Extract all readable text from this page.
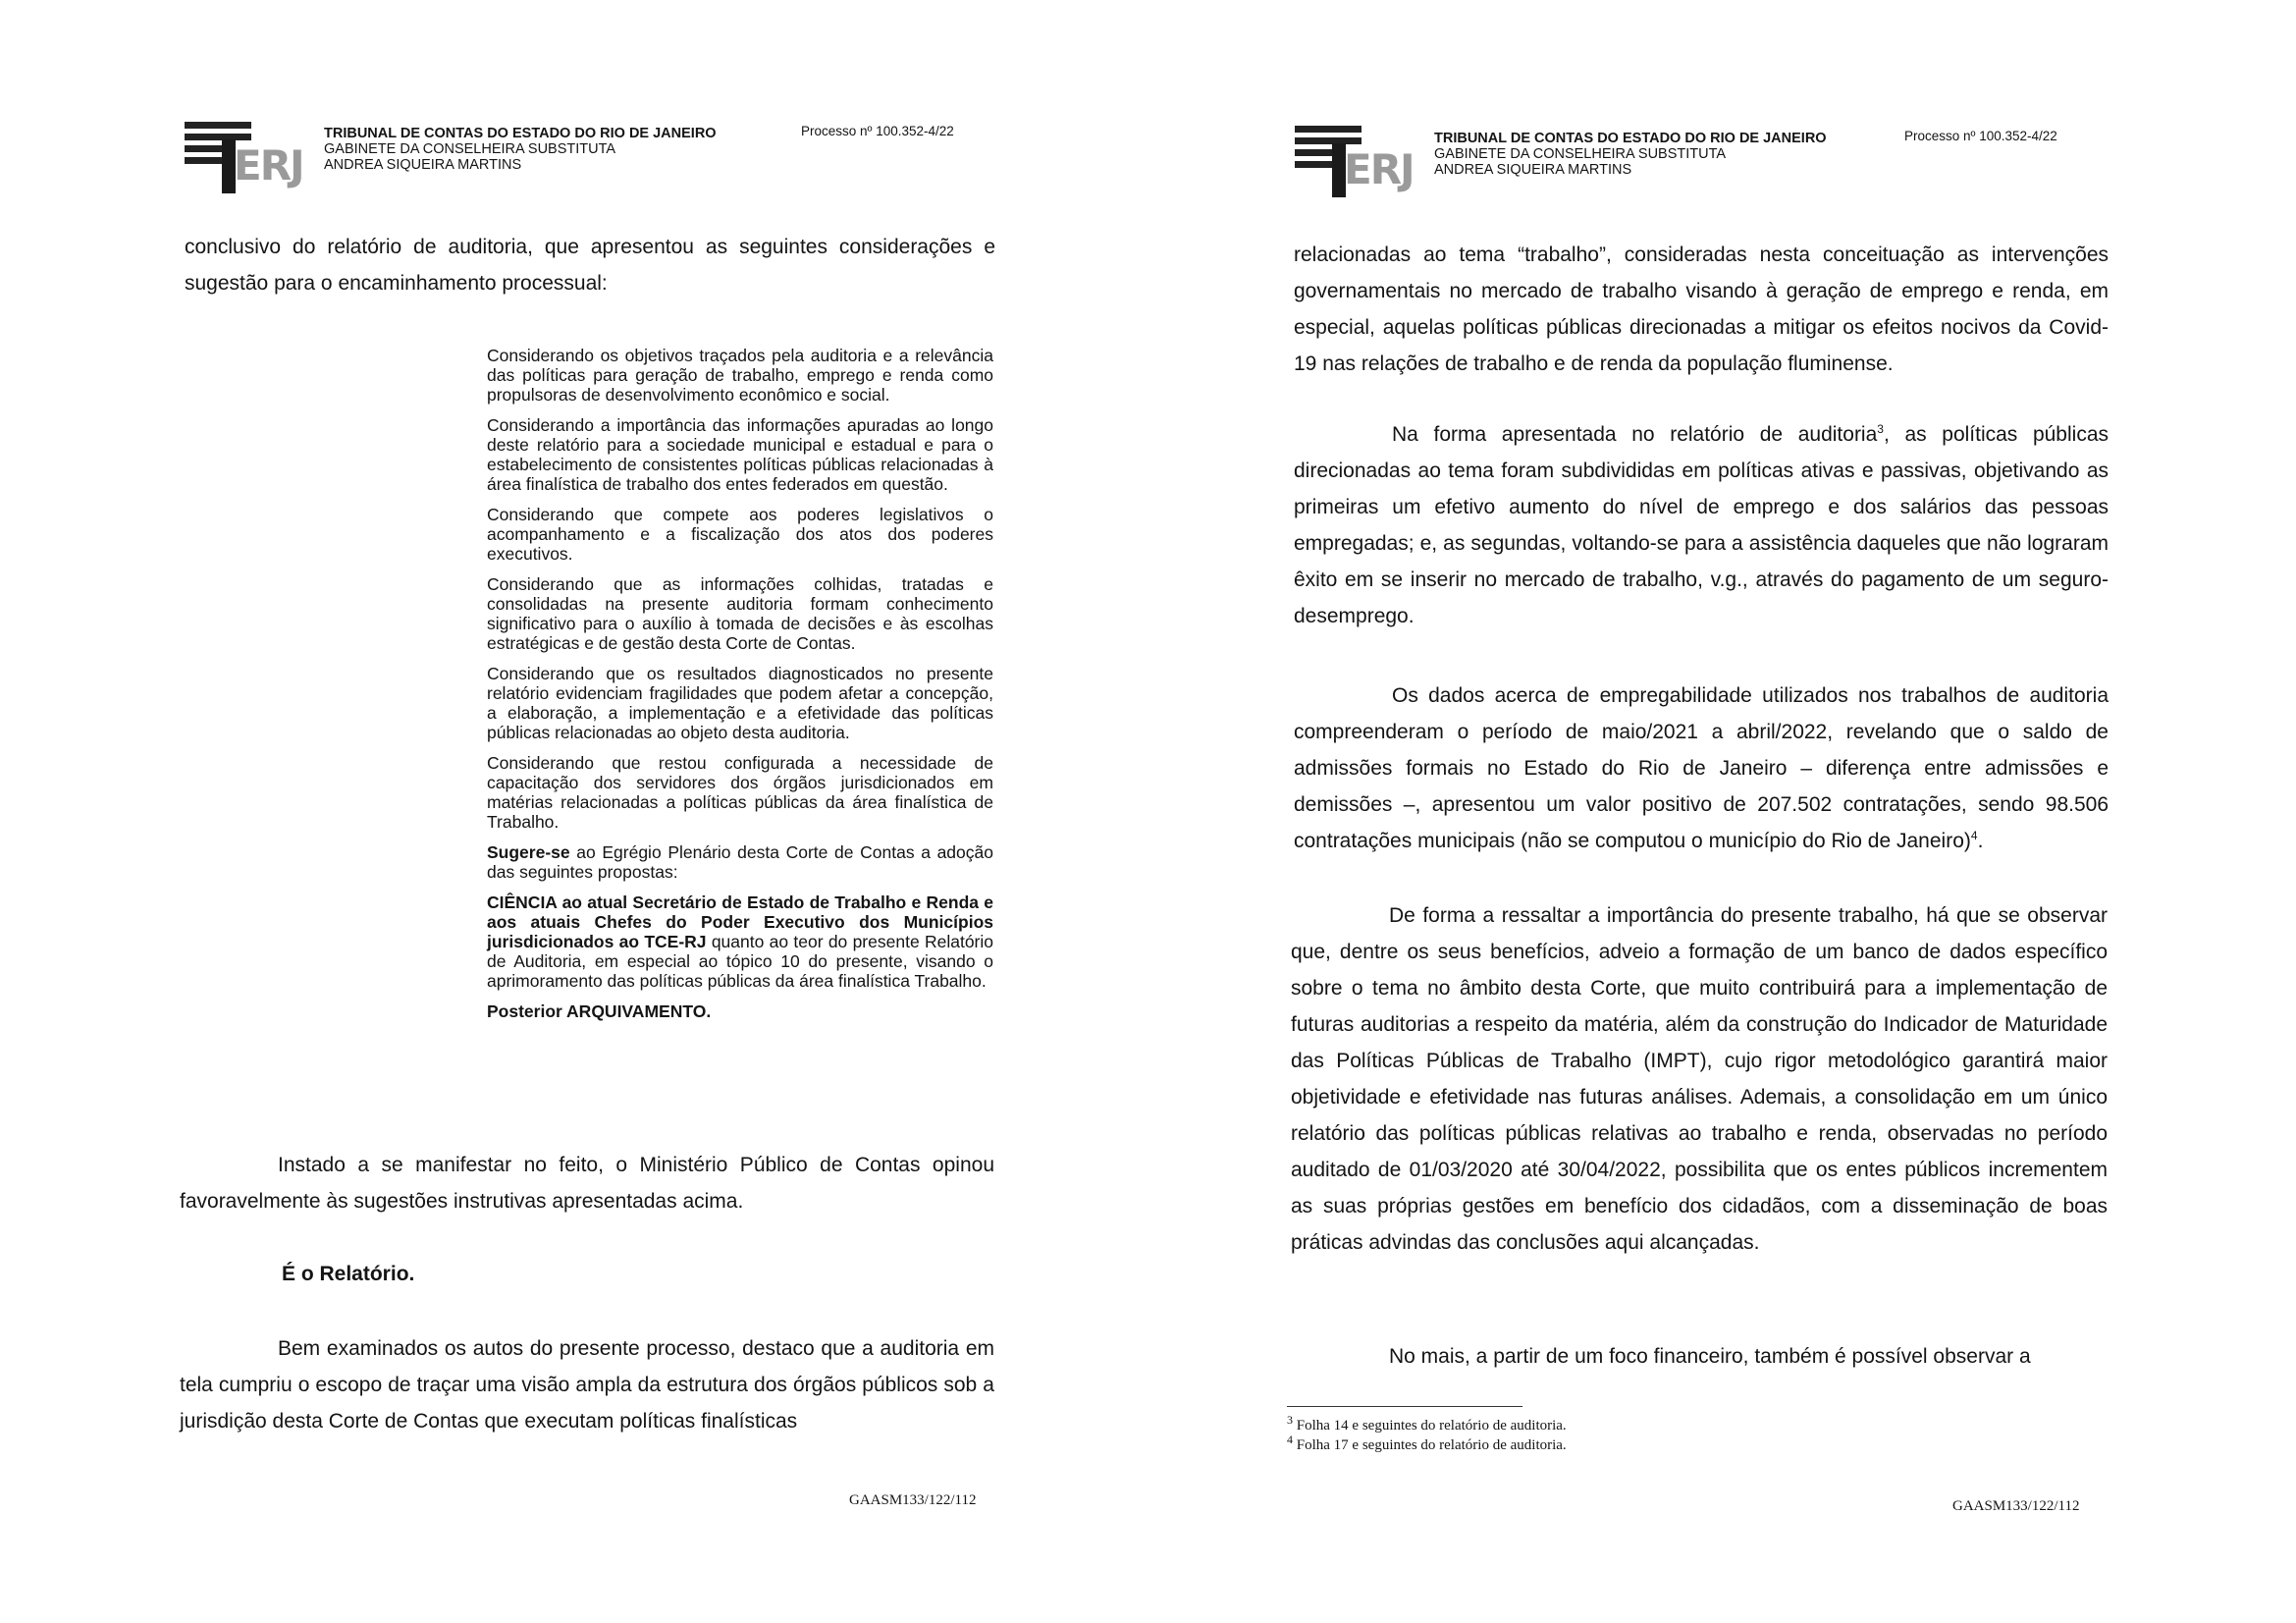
ERJ
TRIBUNAL DE CONTAS DO ESTADO DO RIO DE JANEIRO
GABINETE DA CONSELHEIRA SUBSTITUTA
ANDREA SIQUEIRA MARTINS
Processo nº 100.352-4/22
conclusivo do relatório de auditoria, que apresentou as seguintes considerações e sugestão para o encaminhamento processual:

Considerando os objetivos traçados pela auditoria e a relevância das políticas para geração de trabalho, emprego e renda como propulsoras de desenvolvimento econômico e social.

Considerando a importância das informações apuradas ao longo deste relatório para a sociedade municipal e estadual e para o estabelecimento de consistentes políticas públicas relacionadas à área finalística de trabalho dos entes federados em questão.

Considerando que compete aos poderes legislativos o acompanhamento e a fiscalização dos atos dos poderes executivos.

Considerando que as informações colhidas, tratadas e consolidadas na presente auditoria formam conhecimento significativo para o auxílio à tomada de decisões e às escolhas estratégicas e de gestão desta Corte de Contas.

Considerando que os resultados diagnosticados no presente relatório evidenciam fragilidades que podem afetar a concepção, a elaboração, a implementação e a efetividade das políticas públicas relacionadas ao objeto desta auditoria.

Considerando que restou configurada a necessidade de capacitação dos servidores dos órgãos jurisdicionados em matérias relacionadas a políticas públicas da área finalística de Trabalho.

Sugere-se ao Egrégio Plenário desta Corte de Contas a adoção das seguintes propostas:

CIÊNCIA ao atual Secretário de Estado de Trabalho e Renda e aos atuais Chefes do Poder Executivo dos Municípios jurisdicionados ao TCE-RJ quanto ao teor do presente Relatório de Auditoria, em especial ao tópico 10 do presente, visando o aprimoramento das políticas públicas da área finalística Trabalho.

Posterior ARQUIVAMENTO.

Instado a se manifestar no feito, o Ministério Público de Contas opinou favoravelmente às sugestões instrutivas apresentadas acima.
É o Relatório.
Bem examinados os autos do presente processo, destaco que a auditoria em tela cumpriu o escopo de traçar uma visão ampla da estrutura dos órgãos públicos sob a jurisdição desta Corte de Contas que executam políticas finalísticas
GAASM133/122/112
ERJ
TRIBUNAL DE CONTAS DO ESTADO DO RIO DE JANEIRO
GABINETE DA CONSELHEIRA SUBSTITUTA
ANDREA SIQUEIRA MARTINS
Processo nº 100.352-4/22
relacionadas ao tema “trabalho”, consideradas nesta conceituação as intervenções governamentais no mercado de trabalho visando à geração de emprego e renda, em especial, aquelas políticas públicas direcionadas a mitigar os efeitos nocivos da Covid-19 nas relações de trabalho e de renda da população fluminense.
Na forma apresentada no relatório de auditoria$^3$, as políticas públicas direcionadas ao tema foram subdivididas em políticas ativas e passivas, objetivando as primeiras um efetivo aumento do nível de emprego e dos salários das pessoas empregadas; e, as segundas, voltando-se para a assistência daqueles que não lograram êxito em se inserir no mercado de trabalho, v.g., através do pagamento de um seguro-desemprego.
Os dados acerca de empregabilidade utilizados nos trabalhos de auditoria compreenderam o período de maio/2021 a abril/2022, revelando que o saldo de admissões formais no Estado do Rio de Janeiro – diferença entre admissões e demissões –, apresentou um valor positivo de 207.502 contratações, sendo 98.506 contratações municipais (não se computou o município do Rio de Janeiro)$^4$.
De forma a ressaltar a importância do presente trabalho, há que se observar que, dentre os seus benefícios, adveio a formação de um banco de dados específico sobre o tema no âmbito desta Corte, que muito contribuirá para a implementação de futuras auditorias a respeito da matéria, além da construção do Indicador de Maturidade das Políticas Públicas de Trabalho (IMPT), cujo rigor metodológico garantirá maior objetividade e efetividade nas futuras análises. Ademais, a consolidação em um único relatório das políticas públicas relativas ao trabalho e renda, observadas no período auditado de 01/03/2020 até 30/04/2022, possibilita que os entes públicos incrementem as suas próprias gestões em benefício dos cidadãos, com a disseminação de boas práticas advindas das conclusões aqui alcançadas.
No mais, a partir de um foco financeiro, também é possível observar a
$^3$ Folha 14 e seguintes do relatório de auditoria.
$^4$ Folha 17 e seguintes do relatório de auditoria.
GAASM133/122/112
